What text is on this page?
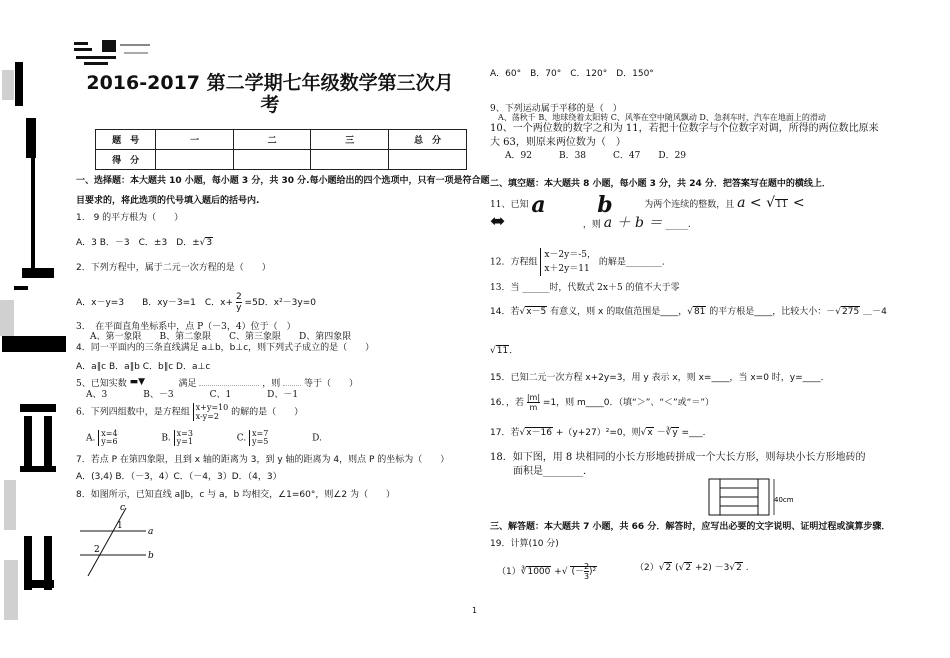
2016-2017 第二学期七年级数学第三次月
考
题　号	一	二	三	总　分
得　分				
一、选择题：本大题共 10 小题，每小题 3 分，共 30 分.每小题给出的四个选项中，只有一项是符合题
目要求的，将此选项的代号填入题后的括号内.
1.　9 的平方根为（　　）
A．3 B．－3　C．±3　D．±√3
2．下列方程中，属于二元一次方程的是（　　）
A．x－y=3　　B．xy－3=1　C．$x+ \frac{2}{y} =5D$．x²－3y=0
3．　在平面直角坐标系中，点 P（－3，4）位于（　）
A、第一象限　　B、第二象限　　C、第三象限　　D、第四象限
4．同一平面内的三条直线满足 a⊥b，b⊥c，则下列式子成立的是（　　）
A．a∥c B．a∥b C．b∥c D．a⊥c
5、已知实数 ▬▼	满足	，则	等于（　　）
A、3　　　　B、－3　　　　C、1　　　　D、－1
6．下列四组数中，是方程组 x+y=10
x-y=2	的解的是（　　）
A. x=4
y=6	B. x=3
y=1	C. x=7
y=5	D.
7．若点 P 在第四象限，且到 x 轴的距离为 3，到 y 轴的距离为 4，则点 P 的坐标为（　　）
A．(3,4) B．（－3，4）C．（－4，3）D．（4，3）
8．如图所示，已知直线 a∥b，c 与 a，b 均相交，∠1=60°，则∠2 为（　　）
c
a
b
1
2
A．60°　B．70°　C．120°　D．150°
9、下列运动属于平移的是（　）
A、荡秋千 B、地球绕着太阳转 C、风筝在空中随风飘动 D、急刹车时，汽车在地面上的滑动
10、一个两位数的数字之和为 11，若把十位数字与个位数字对调，所得的两位数比原来
大 63，则原来两位数为（　）
A．92　　　B．38　　　C．47　　D．29
二、填空题：本大题共 8 小题，每小题 3 分，共 24 分．把答案写在题中的横线上．
11、已知 a　　 b	为两个连续的整数，且 a < √11 <
⬌	，则 a ＋ b ＝ _____.
12．方程组
x－2y＝-5，
x＋2y＝11
的解是________．
13．当 ______时，代数式 2x＋5 的值不大于零
14．若√x－5 有意义，则 x 的取值范围是____，√81 的平方根是____，比较大小：－√275 ＿－4
√11．
15．已知二元一次方程 x+2y=3，用 y 表示 x，则 x=____，当 x=0 时，y=____．
16．，若 $\frac{|m|}{m} =1$，则 m____0．（填“＞”、“＜”或“＝”）
17．若√x－16 +（y+27）²=0，则√x －∛y =___．
18．如下图，用 8 块相同的小长方形地砖拼成一个大长方形，则每块小长方形地砖的
面积是________．
40cm
三、解答题：本大题共 7 小题，共 66 分．解答时，应写出必要的文字说明、证明过程或演算步骤．
19．计算(10 分)
（1）∛1000 +√ (－ $\frac{2}{3} )^2$	（2）√2 (√2 +2) －3√2 .
1
